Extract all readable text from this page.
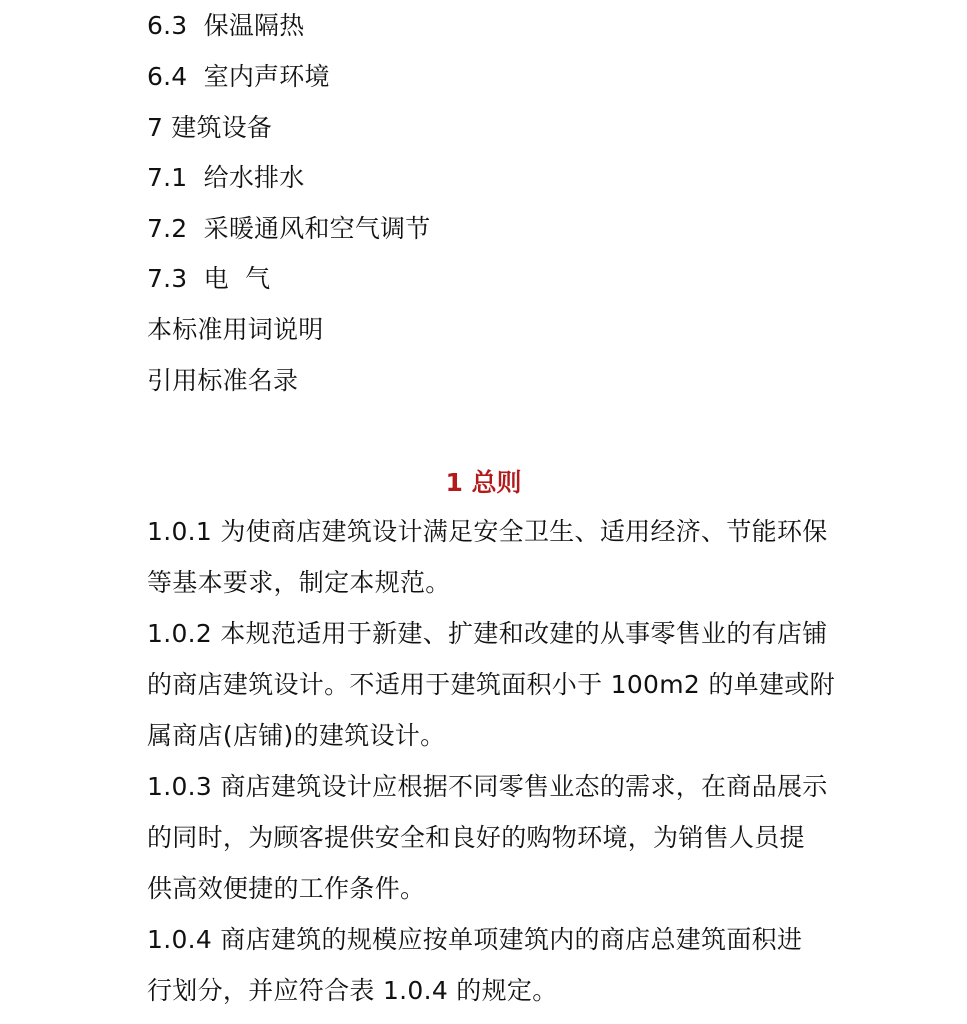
6.3  保温隔热
6.4  室内声环境
7 建筑设备
7.1  给水排水
7.2  采暖通风和空气调节
7.3  电  气
本标准用词说明
引用标准名录
1 总则
1.0.1 为使商店建筑设计满足安全卫生、适用经济、节能环保
等基本要求，制定本规范。
1.0.2 本规范适用于新建、扩建和改建的从事零售业的有店铺
的商店建筑设计。不适用于建筑面积小于 100m2 的单建或附
属商店(店铺)的建筑设计。
1.0.3 商店建筑设计应根据不同零售业态的需求，在商品展示
的同时，为顾客提供安全和良好的购物环境，为销售人员提
供高效便捷的工作条件。
1.0.4 商店建筑的规模应按单项建筑内的商店总建筑面积进
行划分，并应符合表 1.0.4 的规定。
